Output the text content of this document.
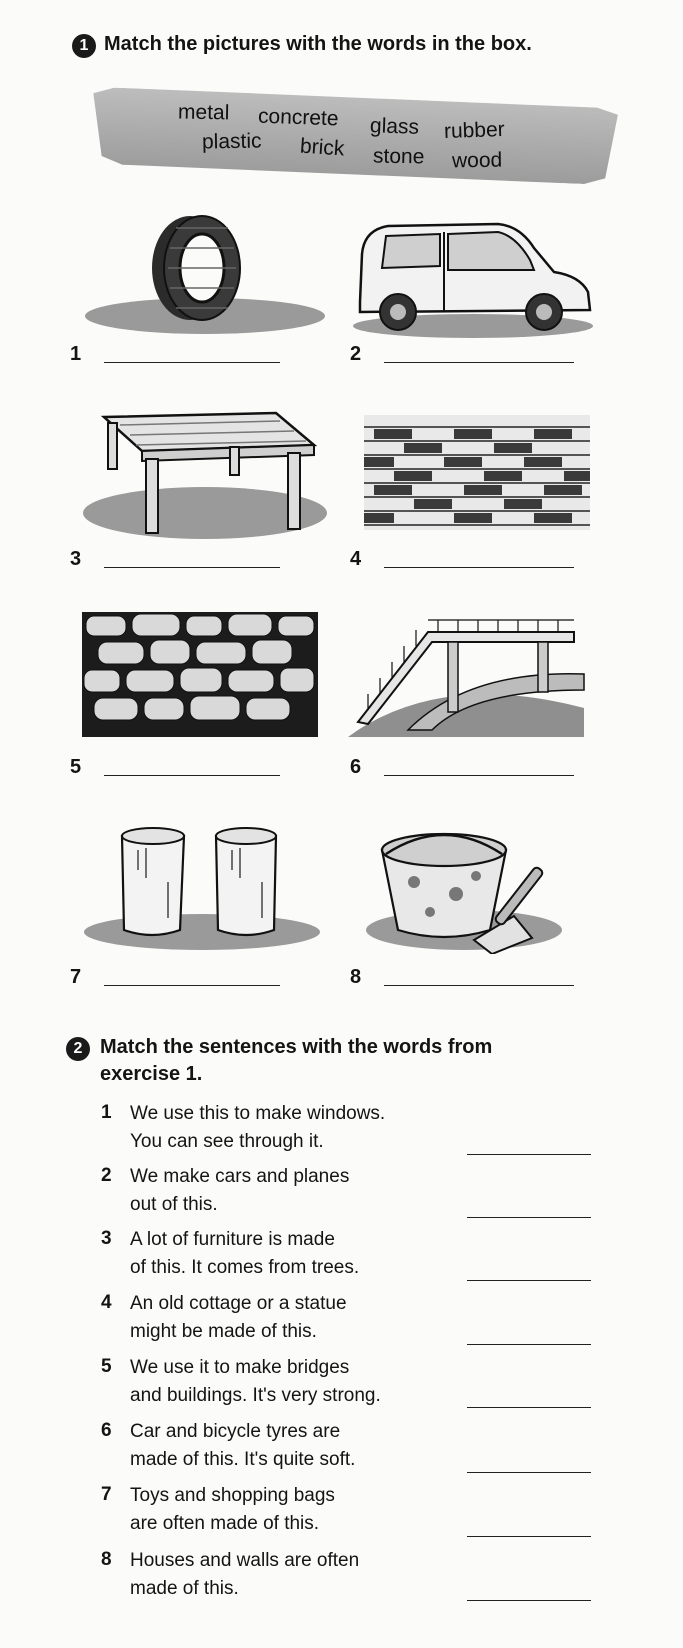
1 Match the pictures with the words in the box.
metal concrete glass rubber
plastic brick stone wood
1	2
3	4
5	6
7	8
2 Match the sentences with the words from exercise 1.
1 We use this to make windows.
You can see through it.
2 We make cars and planes
out of this.
3 A lot of furniture is made
of this. It comes from trees.
4 An old cottage or a statue
might be made of this.
5 We use it to make bridges
and buildings. It's very strong.
6 Car and bicycle tyres are
made of this. It's quite soft.
7 Toys and shopping bags
are often made of this.
8 Houses and walls are often
made of this.
